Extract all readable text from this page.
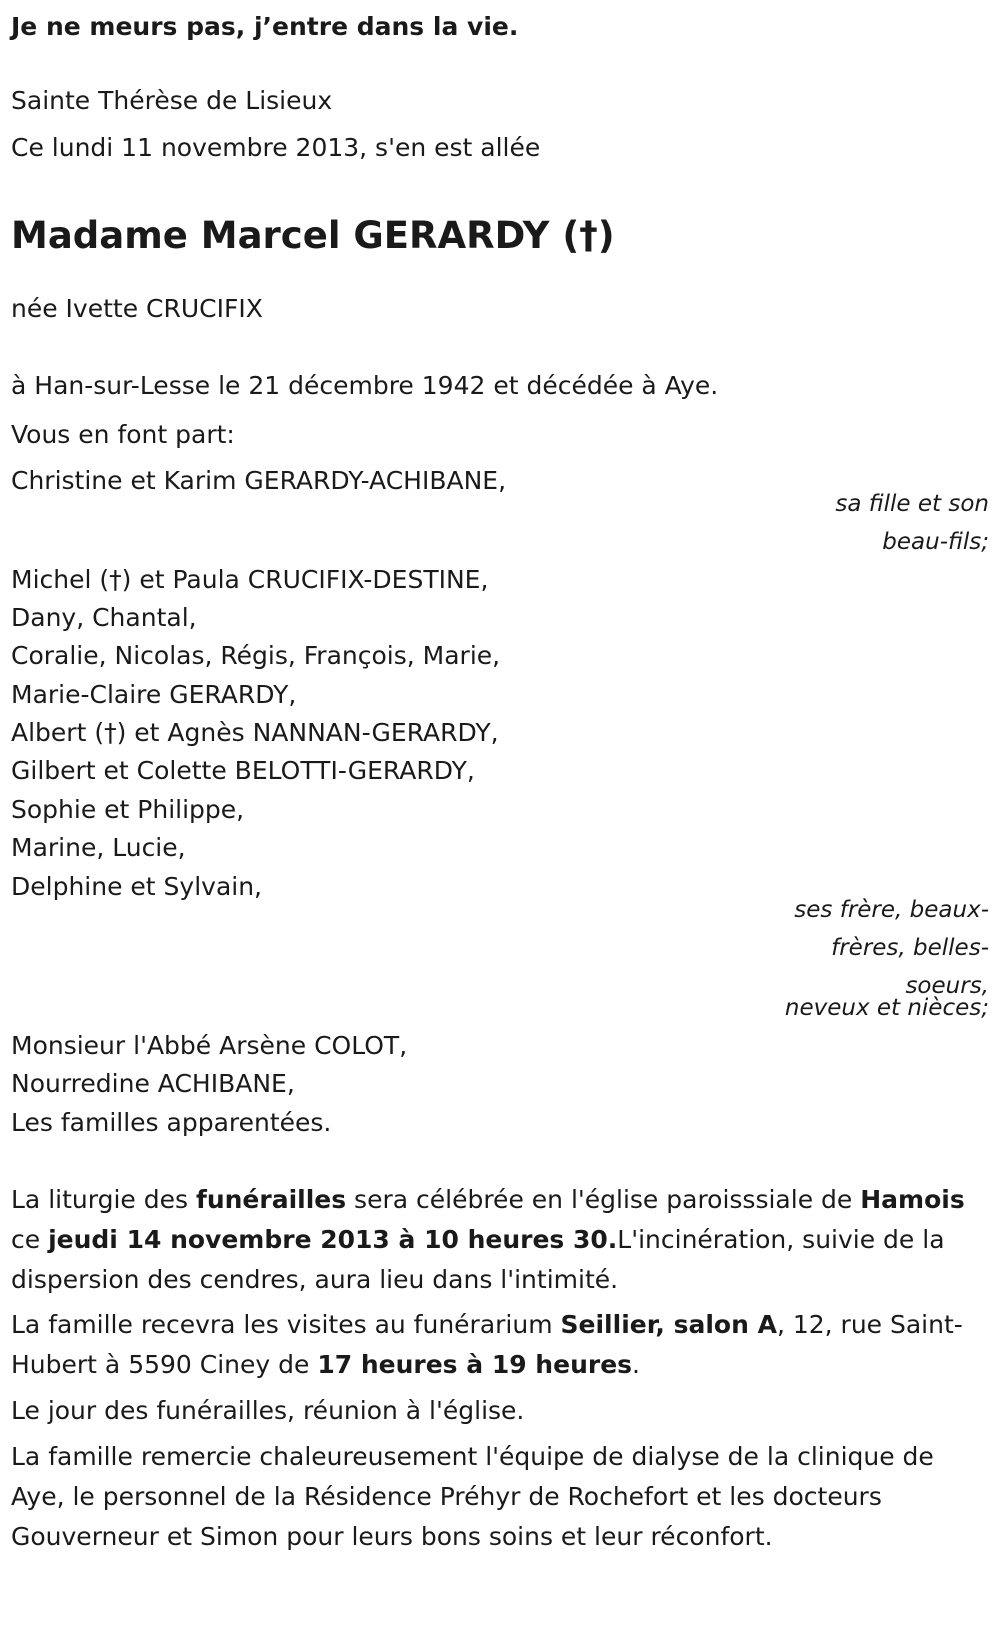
Je ne meurs pas, j’entre dans la vie.
Sainte Thérèse de Lisieux
Ce lundi 11 novembre 2013, s'en est allée
Madame Marcel GERARDY (†)
née Ivette CRUCIFIX
à Han-sur-Lesse le 21 décembre 1942 et décédée à Aye.
Vous en font part:
Christine et Karim GERARDY-ACHIBANE,
sa fille et son
beau-fils;
Michel (†) et Paula CRUCIFIX-DESTINE,
Dany, Chantal,
Coralie, Nicolas, Régis, François, Marie,
Marie-Claire GERARDY,
Albert (†) et Agnès NANNAN-GERARDY,
Gilbert et Colette BELOTTI-GERARDY,
Sophie et Philippe,
Marine, Lucie,
Delphine et Sylvain,
ses frère, beaux-
frères, belles-
soeurs,
neveux et nièces;
Monsieur l'Abbé Arsène COLOT,
Nourredine ACHIBANE,
Les familles apparentées.
La liturgie des funérailles sera célébrée en l'église paroisssiale de Hamois ce jeudi 14 novembre 2013 à 10 heures 30.L'incinération, suivie de la dispersion des cendres, aura lieu dans l'intimité.
La famille recevra les visites au funérarium Seillier, salon A, 12, rue Saint-Hubert à 5590 Ciney de 17 heures à 19 heures.
Le jour des funérailles, réunion à l'église.
La famille remercie chaleureusement l'équipe de dialyse de la clinique de Aye, le personnel de la Résidence Préhyr de Rochefort et les docteurs Gouverneur et Simon pour leurs bons soins et leur réconfort.
